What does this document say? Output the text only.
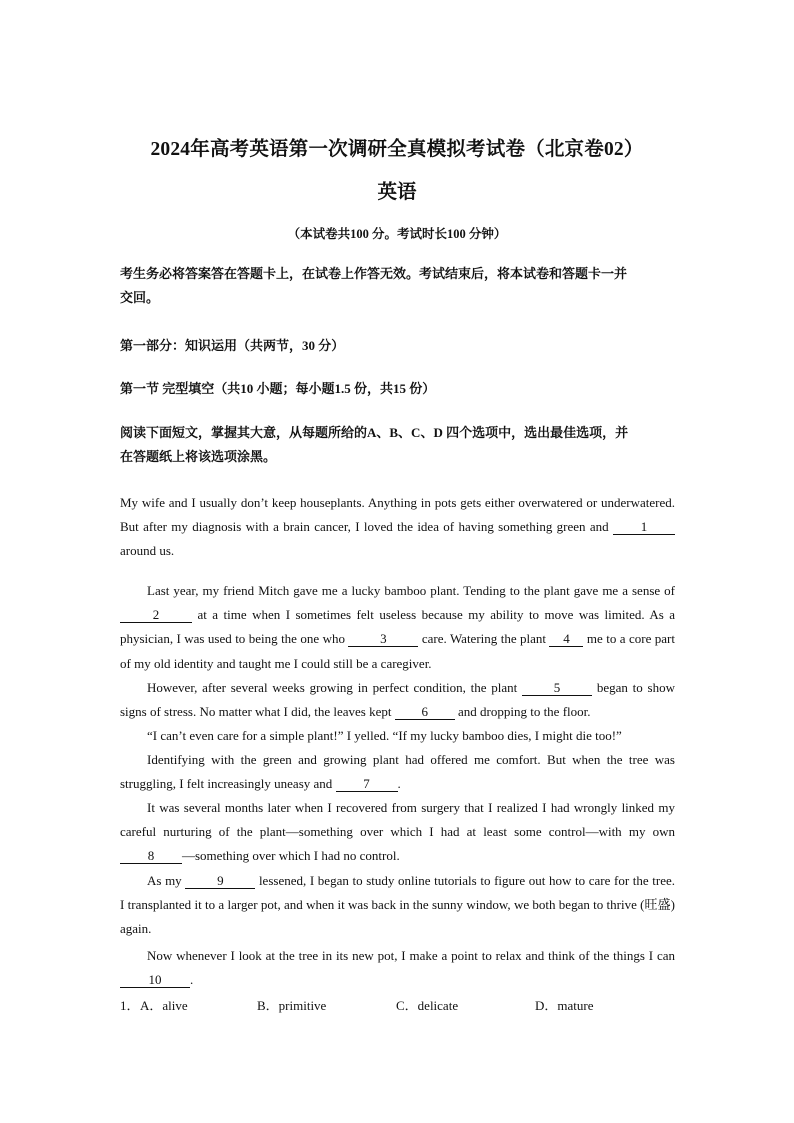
2024年高考英语第一次调研全真模拟考试卷（北京卷02）
英语
（本试卷共100 分。考试时长100 分钟）
考生务必将答案答在答题卡上，在试卷上作答无效。考试结束后，将本试卷和答题卡一并
交回。
第一部分：知识运用（共两节，30 分）
第一节 完型填空（共10 小题；每小题1.5 份，共15 份）
阅读下面短文，掌握其大意，从每题所给的A、B、C、D 四个选项中，选出最佳选项，并
在答题纸上将该选项涂黑。
My wife and I usually don’t keep houseplants. Anything in pots gets either overwatered or underwatered. But after my diagnosis with a brain cancer, I loved the idea of having something green and 1 around us.
Last year, my friend Mitch gave me a lucky bamboo plant. Tending to the plant gave me a sense of 2	at a time when I sometimes felt useless because my ability to move was limited. As a physician, I was used to being the one who	3	care. Watering the plant 4 me to a core part of my old identity and taught me I could still be a caregiver.
However, after several weeks growing in perfect condition, the plant	5	began to show signs of stress. No matter what I did, the leaves kept 6 and dropping to the floor.
“I can’t even care for a simple plant!” I yelled. “If my lucky bamboo dies, I might die too!”
Identifying with the green and growing plant had offered me comfort. But when the tree was struggling, I felt increasingly uneasy and 7 .
It was several months later when I recovered from surgery that I realized I had wrongly linked my careful nurturing of the plant—something over which I had at least some control—with my own 8 —something over which I had no control.
As my	9	lessened, I began to study online tutorials to figure out how to care for the tree. I transplanted it to a larger pot, and when it was back in the sunny window, we both began to thrive (旺盛) again.
Now whenever I look at the tree in its new pot, I make a point to relax and think of the things I can 10 .
1． A．alive	B．primitive	C．delicate	D．mature
